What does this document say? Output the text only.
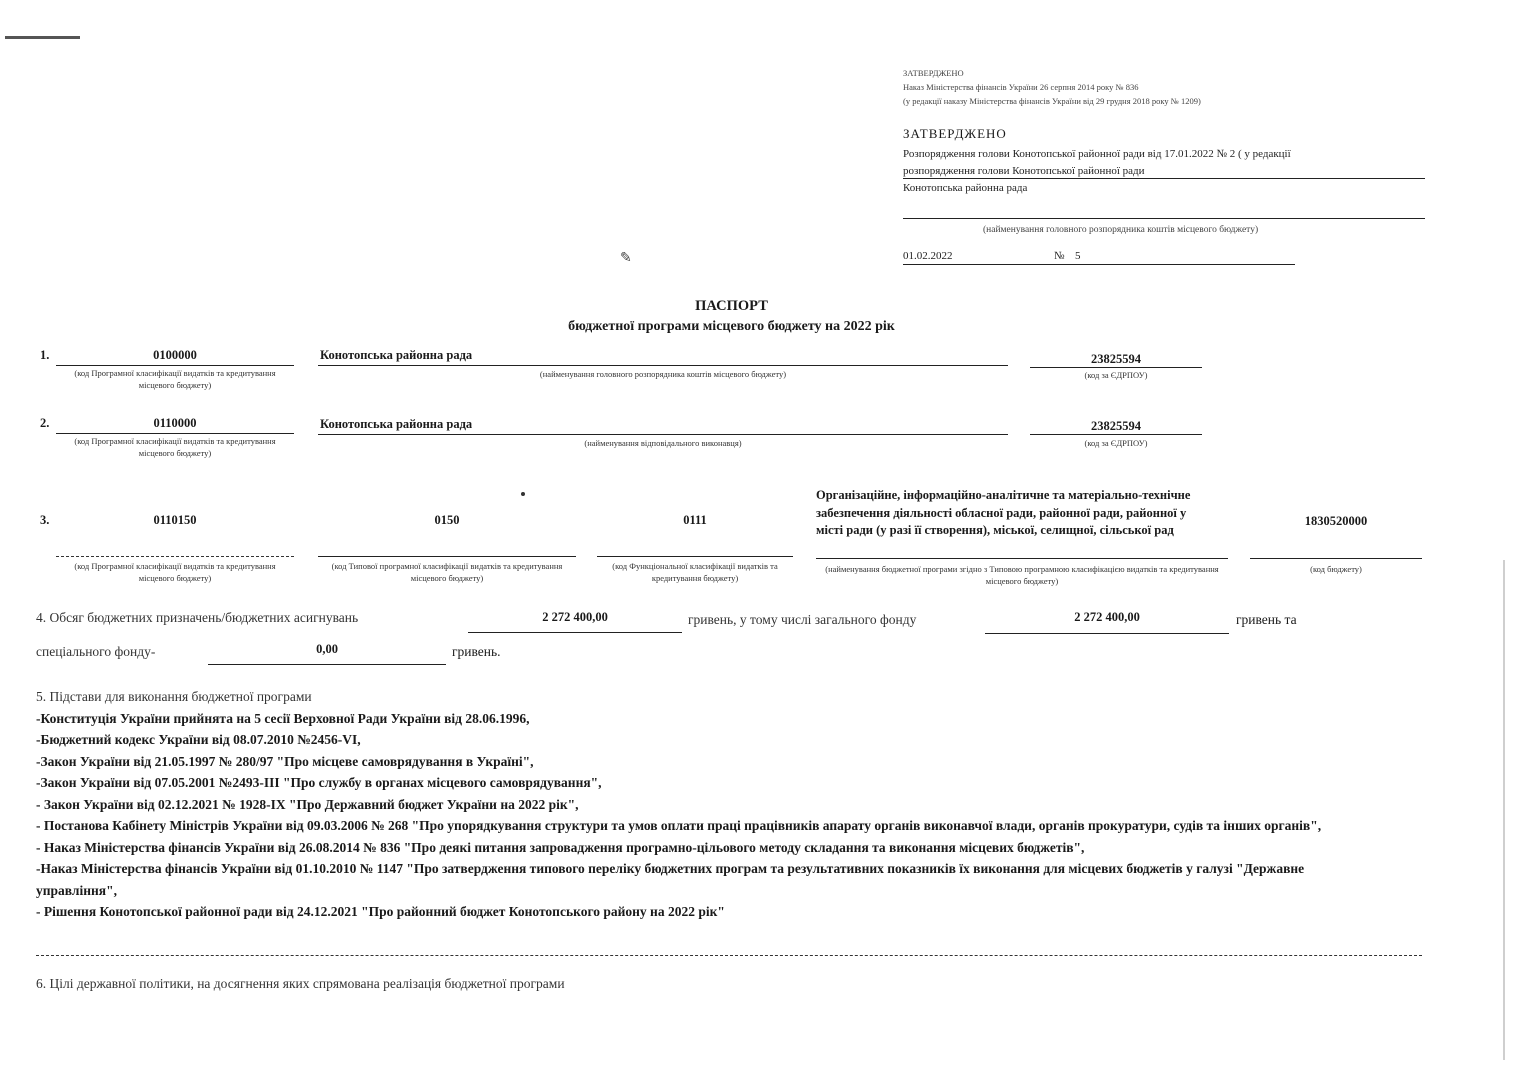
ЗАТВЕРДЖЕНО
Наказ Міністерства фінансів України 26 серпня 2014 року № 836
(у редакції наказу Міністерства фінансів України від 29 грудня 2018 року № 1209)
ЗАТВЕРДЖЕНО
Розпорядження голови Конотопської районної ради від 17.01.2022 № 2 ( у редакції
розпорядження голови Конотопської районної ради
Конотопська районна рада
(найменування головного розпорядника коштів місцевого бюджету)
01.02.2022	№ 5
✎
ПАСПОРТ
бюджетної програми місцевого бюджету на 2022 рік
1.	0100000
(код Програмної класифікації видатків та кредитування місцевого бюджету)
Конотопська районна рада
(найменування головного розпорядника коштів місцевого бюджету)
23825594
(код за ЄДРПОУ)
2.	0110000
(код Програмної класифікації видатків та кредитування місцевого бюджету)
Конотопська районна рада
(найменування відповідального виконавця)
23825594
(код за ЄДРПОУ)
3.	0110150
(код Програмної класифікації видатків та кредитування місцевого бюджету)
0150
(код Типової програмної класифікації видатків та кредитування місцевого бюджету)
0111
(код Функціональної класифікації видатків та кредитування бюджету)
Організаційне, інформаційно-аналітичне та матеріально-технічне забезпечення діяльності обласної ради, районної ради, районної у місті ради (у разі її створення), міської, селищної, сільської рад
(найменування бюджетної програми згідно з Типовою програмною класифікацією видатків та кредитування місцевого бюджету)
1830520000
(код бюджету)
4. Обсяг бюджетних призначень/бюджетних асигнувань	2 272 400,00	гривень, у тому числі загального фонду	2 272 400,00	гривень та
спеціального фонду-	0,00	гривень.
5. Підстави для виконання бюджетної програми
-Конституція України прийнята на 5 сесії Верховної Ради України від 28.06.1996,
-Бюджетний кодекс України від 08.07.2010 №2456-VI,
-Закон України від 21.05.1997 № 280/97 "Про місцеве самоврядування в Україні",
-Закон України від 07.05.2001 №2493-III "Про службу в органах місцевого самоврядування",
- Закон України від 02.12.2021 № 1928-IX "Про Державний бюджет України на 2022 рік",
- Постанова Кабінету Міністрів України від 09.03.2006 № 268 "Про упорядкування структури та умов оплати праці працівників апарату органів виконавчої влади, органів прокуратури, судів та інших органів",
- Наказ Міністерства фінансів України від 26.08.2014 № 836 "Про деякі питання запровадження програмно-цільового методу складання та виконання місцевих бюджетів",
-Наказ Міністерства фінансів України від 01.10.2010 № 1147 "Про затвердження типового переліку бюджетних програм та результативних показників їх виконання для місцевих бюджетів у галузі "Державне управління",
- Рішення Конотопської районної ради від 24.12.2021 "Про районний бюджет Конотопського району на 2022 рік"
6. Цілі державної політики, на досягнення яких спрямована реалізація бюджетної програми
